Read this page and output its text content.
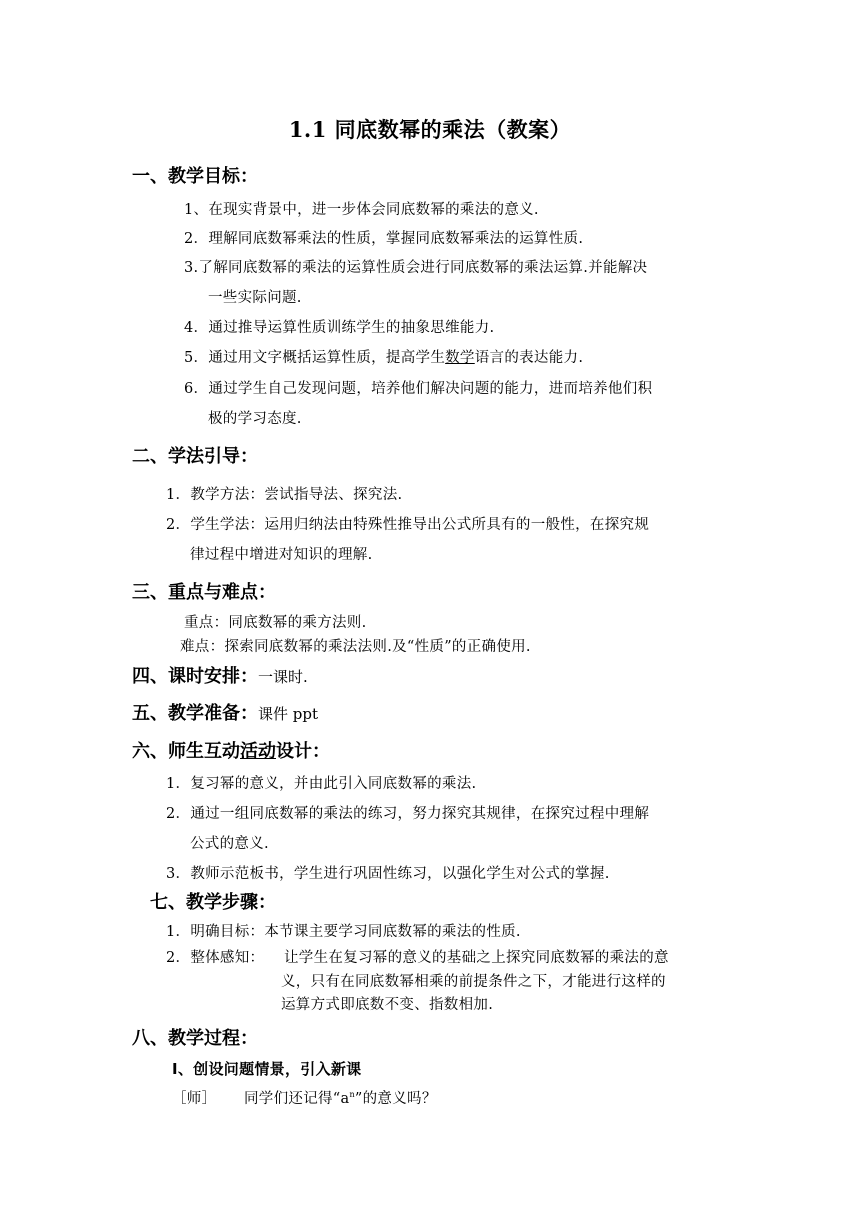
1.1 同底数幂的乘法（教案）
一、教学目标：
1、在现实背景中，进一步体会同底数幂的乘法的意义.
2．理解同底数幂乘法的性质，掌握同底数幂乘法的运算性质.
3.了解同底数幂的乘法的运算性质会进行同底数幂的乘法运算.并能解决
一些实际问题.
4．通过推导运算性质训练学生的抽象思维能力.
5．通过用文字概括运算性质，提高学生数学语言的表达能力.
6．通过学生自己发现问题，培养他们解决问题的能力，进而培养他们积
极的学习态度.
二、学法引导：
1．教学方法：尝试指导法、探究法.
2．学生学法：运用归纳法由特殊性推导出公式所具有的一般性，在探究规
律过程中增进对知识的理解.
三、重点与难点：
重点：同底数幂的乘方法则.
难点：探索同底数幂的乘法法则.及“性质”的正确使用.
四、课时安排：一课时.
五、教学准备：课件 ppt
六、师生互动活动设计：
1．复习幂的意义，并由此引入同底数幂的乘法.
2．通过一组同底数幂的乘法的练习，努力探究其规律，在探究过程中理解
公式的意义.
3．教师示范板书，学生进行巩固性练习，以强化学生对公式的掌握.
七、教学步骤：
1．明确目标：本节课主要学习同底数幂的乘法的性质.
2．整体感知： 让学生在复习幂的意义的基础之上探究同底数幂的乘法的意
义，只有在同底数幂相乘的前提条件之下，才能进行这样的
运算方式即底数不变、指数相加.
八、教学过程：
Ⅰ、创设问题情景，引入新课
［师］ 同学们还记得“$a^n$”的意义吗？
